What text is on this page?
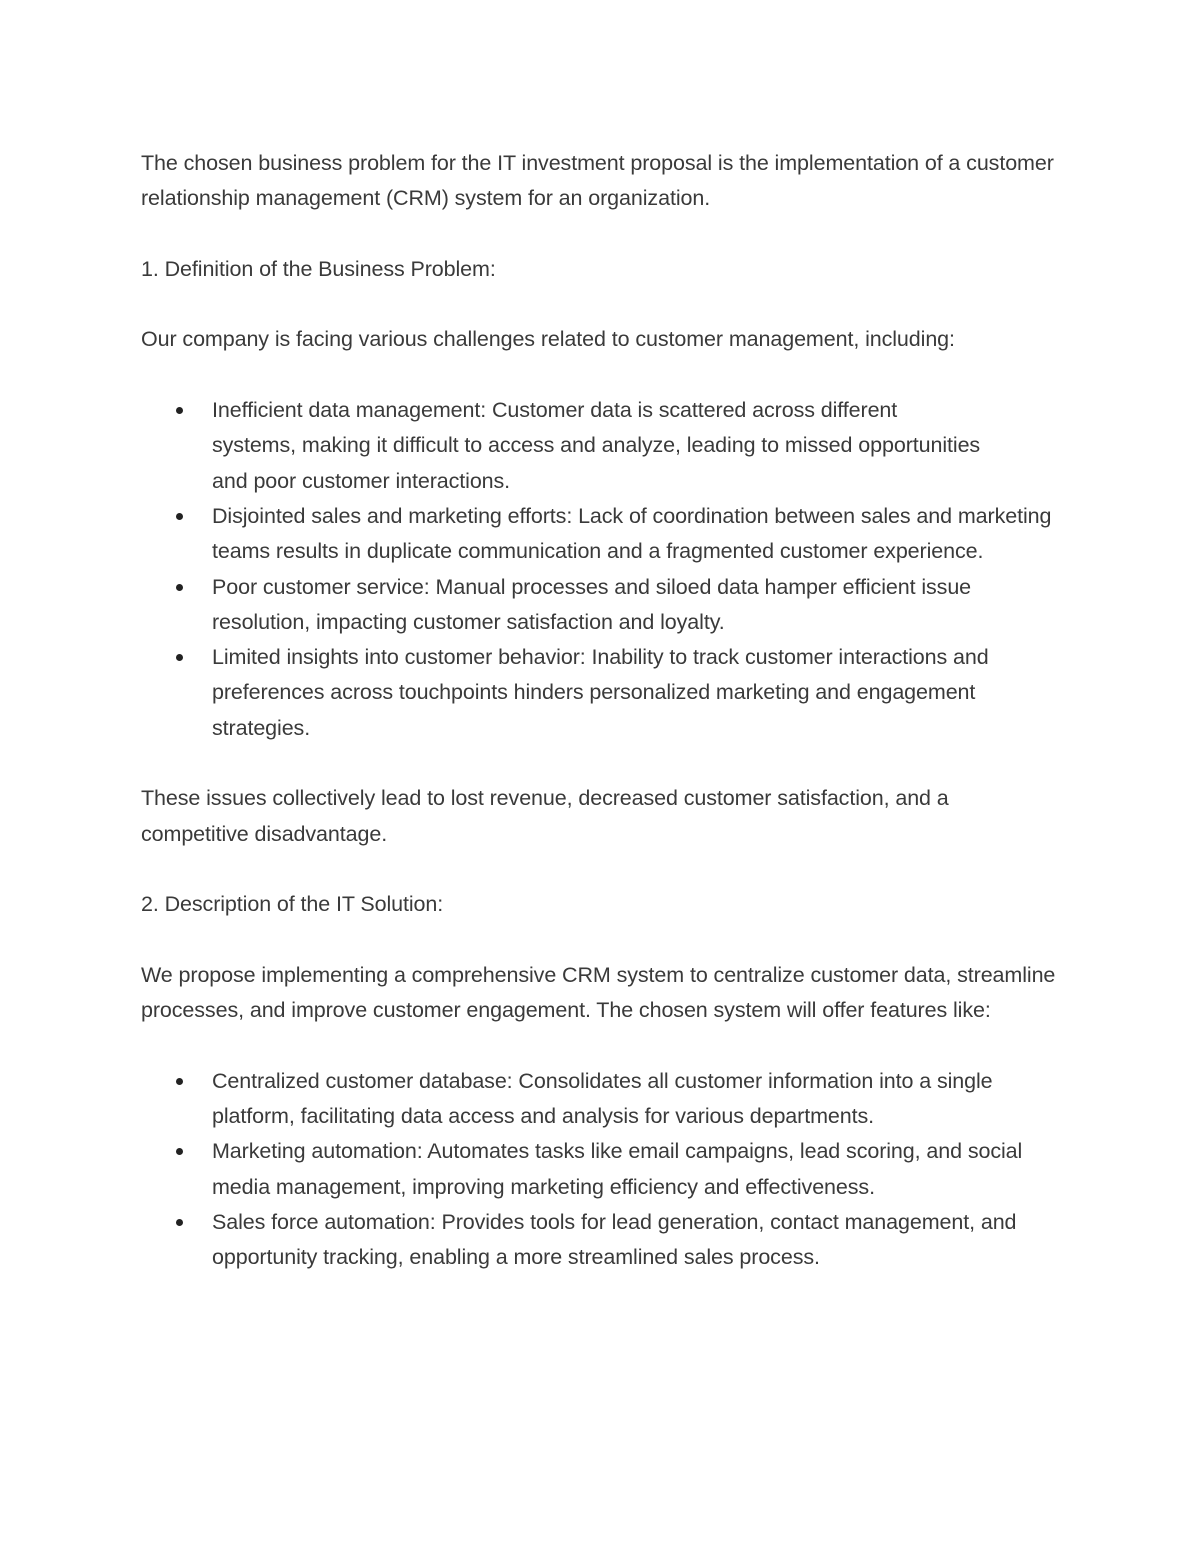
The chosen business problem for the IT investment proposal is the implementation of a customer relationship management (CRM) system for an organization.

1. Definition of the Business Problem:

Our company is facing various challenges related to customer management, including:

Inefficient data management: Customer data is scattered across different systems, making it difficult to access and analyze, leading to missed opportunities and poor customer interactions.
Disjointed sales and marketing efforts: Lack of coordination between sales and marketing teams results in duplicate communication and a fragmented customer experience.
Poor customer service: Manual processes and siloed data hamper efficient issue resolution, impacting customer satisfaction and loyalty.
Limited insights into customer behavior: Inability to track customer interactions and preferences across touchpoints hinders personalized marketing and engagement strategies.

These issues collectively lead to lost revenue, decreased customer satisfaction, and a competitive disadvantage.

2. Description of the IT Solution:

We propose implementing a comprehensive CRM system to centralize customer data, streamline processes, and improve customer engagement. The chosen system will offer features like:

Centralized customer database: Consolidates all customer information into a single platform, facilitating data access and analysis for various departments.
Marketing automation: Automates tasks like email campaigns, lead scoring, and social media management, improving marketing efficiency and effectiveness.
Sales force automation: Provides tools for lead generation, contact management, and opportunity tracking, enabling a more streamlined sales process.
